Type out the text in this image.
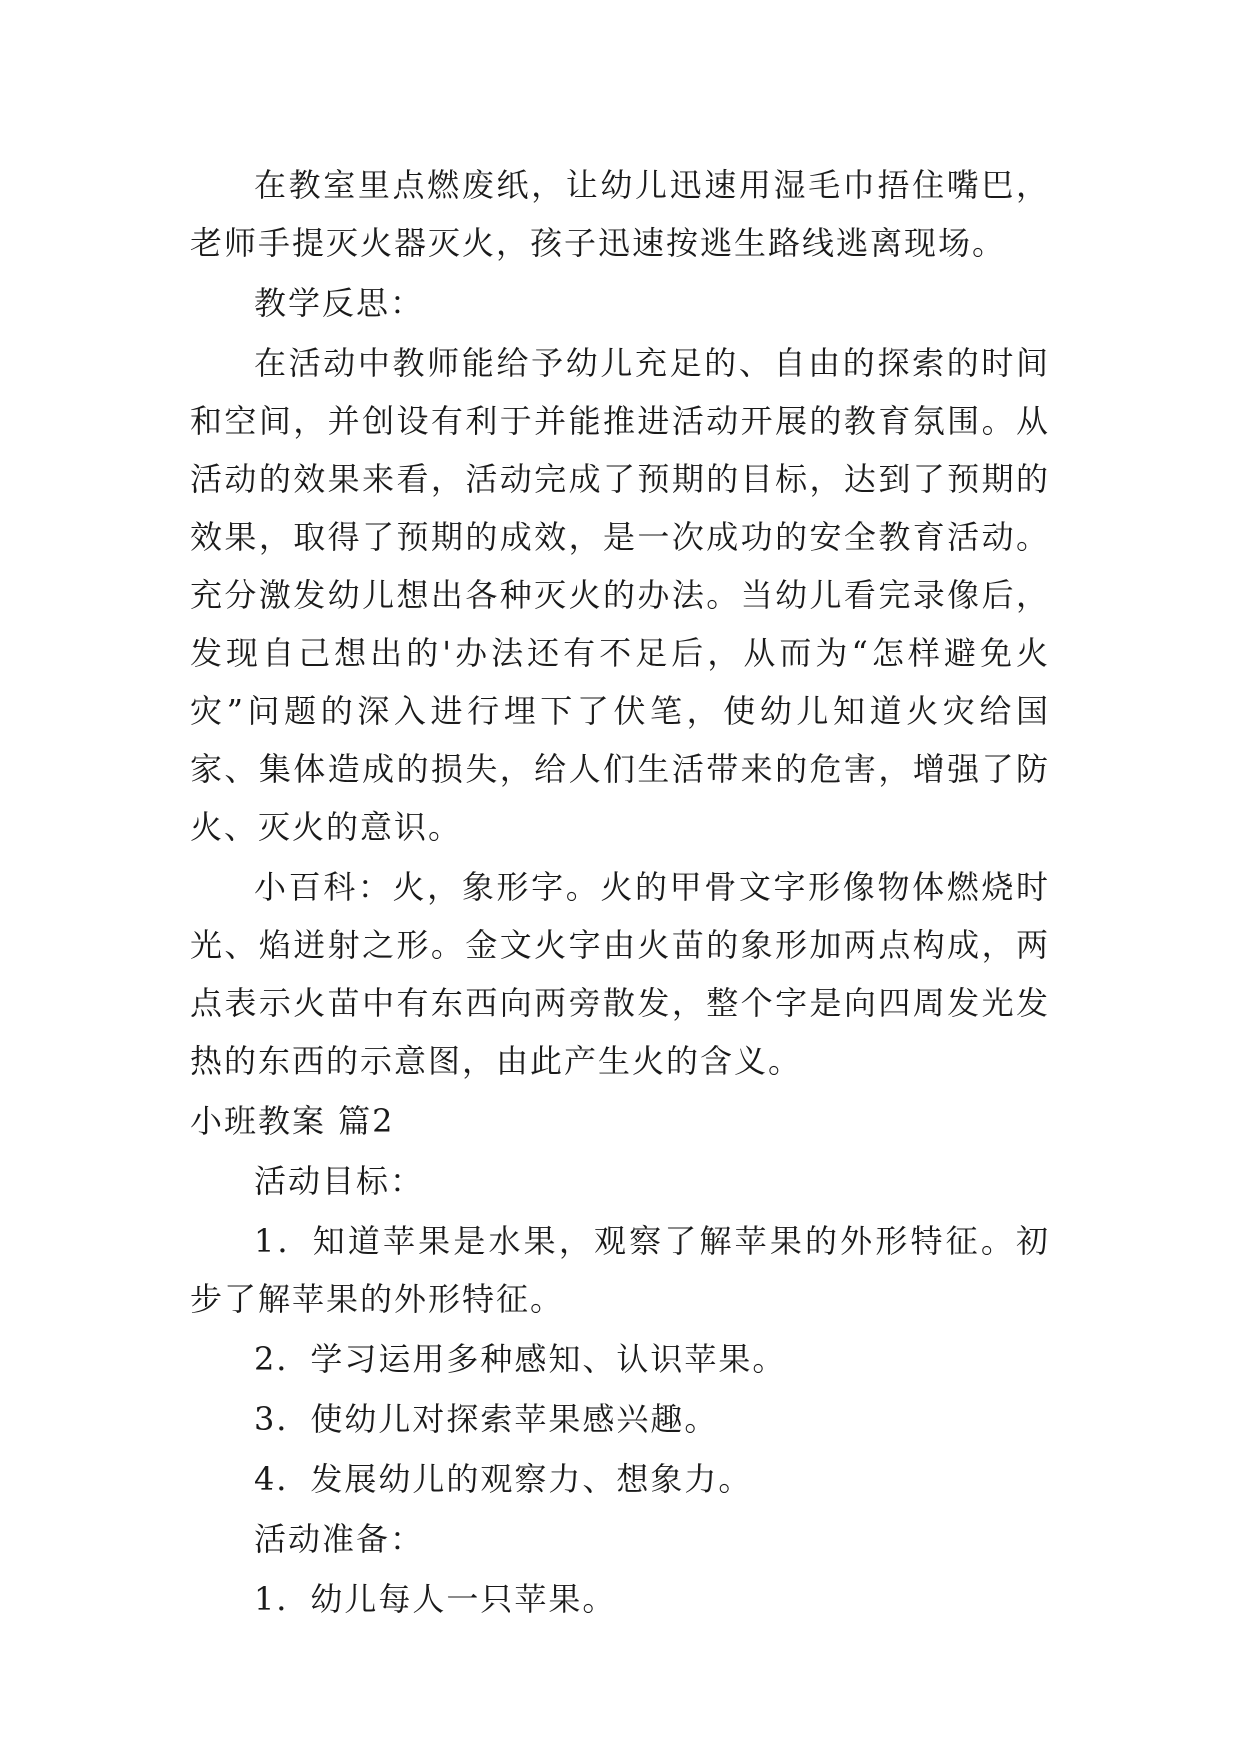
在教室里点燃废纸，让幼儿迅速用湿毛巾捂住嘴巴，老师手提灭火器灭火，孩子迅速按逃生路线逃离现场。

教学反思：

在活动中教师能给予幼儿充足的、自由的探索的时间和空间，并创设有利于并能推进活动开展的教育氛围。从活动的效果来看，活动完成了预期的目标，达到了预期的效果，取得了预期的成效，是一次成功的安全教育活动。充分激发幼儿想出各种灭火的办法。当幼儿看完录像后，发现自己想出的'办法还有不足后，从而为“怎样避免火灾”问题的深入进行埋下了伏笔，使幼儿知道火灾给国家、集体造成的损失，给人们生活带来的危害，增强了防火、灭火的意识。

小百科：火，象形字。火的甲骨文字形像物体燃烧时光、焰迸射之形。金文火字由火苗的象形加两点构成，两点表示火苗中有东西向两旁散发，整个字是向四周发光发热的东西的示意图，由此产生火的含义。

小班教案 篇2

活动目标：

1．知道苹果是水果，观察了解苹果的外形特征。初步了解苹果的外形特征。

2．学习运用多种感知、认识苹果。

3．使幼儿对探索苹果感兴趣。

4．发展幼儿的观察力、想象力。

活动准备：

1．幼儿每人一只苹果。
